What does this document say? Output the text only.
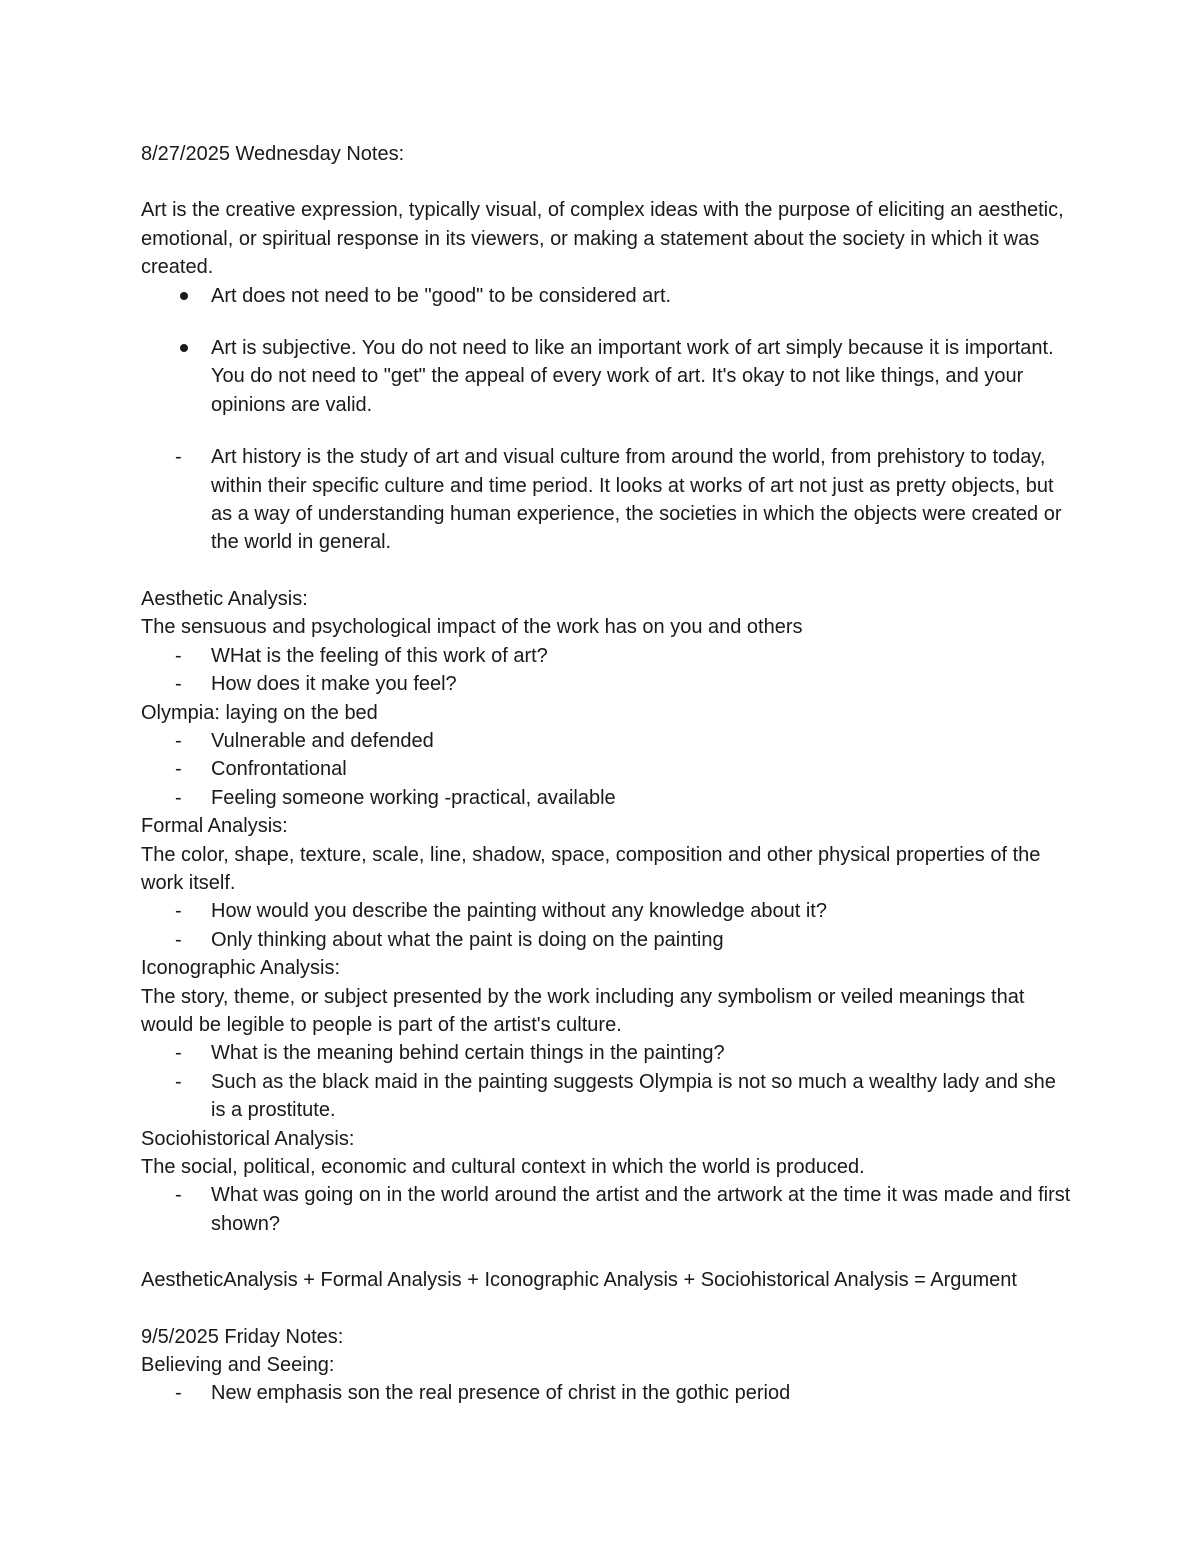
8/27/2025 Wednesday Notes:

Art is the creative expression, typically visual, of complex ideas with the purpose of eliciting an aesthetic, emotional, or spiritual response in its viewers, or making a statement about the society in which it was created.

Art does not need to be "good" to be considered art.
Art is subjective. You do not need to like an important work of art simply because it is important. You do not need to "get" the appeal of every work of art. It's okay to not like things, and your opinions are valid.
- Art history is the study of art and visual culture from around the world, from prehistory to today, within their specific culture and time period. It looks at works of art not just as pretty objects, but as a way of understanding human experience, the societies in which the objects were created or the world in general.

Aesthetic Analysis:

The sensuous and psychological impact of the work has on you and others

- WHat is the feeling of this work of art?
- How does it make you feel?

Olympia: laying on the bed

- Vulnerable and defended
- Confrontational
- Feeling someone working -practical, available

Formal Analysis:

The color, shape, texture, scale, line, shadow, space, composition and other physical properties of the work itself.

- How would you describe the painting without any knowledge about it?
- Only thinking about what the paint is doing on the painting

Iconographic Analysis:

The story, theme, or subject presented by the work including any symbolism or veiled meanings that would be legible to people is part of the artist's culture.

- What is the meaning behind certain things in the painting?
- Such as the black maid in the painting suggests Olympia is not so much a wealthy lady and she is a prostitute.

Sociohistorical Analysis:

The social, political, economic and cultural context in which the world is produced.

- What was going on in the world around the artist and the artwork at the time it was made and first shown?

AestheticAnalysis + Formal Analysis + Iconographic Analysis + Sociohistorical Analysis = Argument

9/5/2025 Friday Notes:

Believing and Seeing:

- New emphasis son the real presence of christ in the gothic period
